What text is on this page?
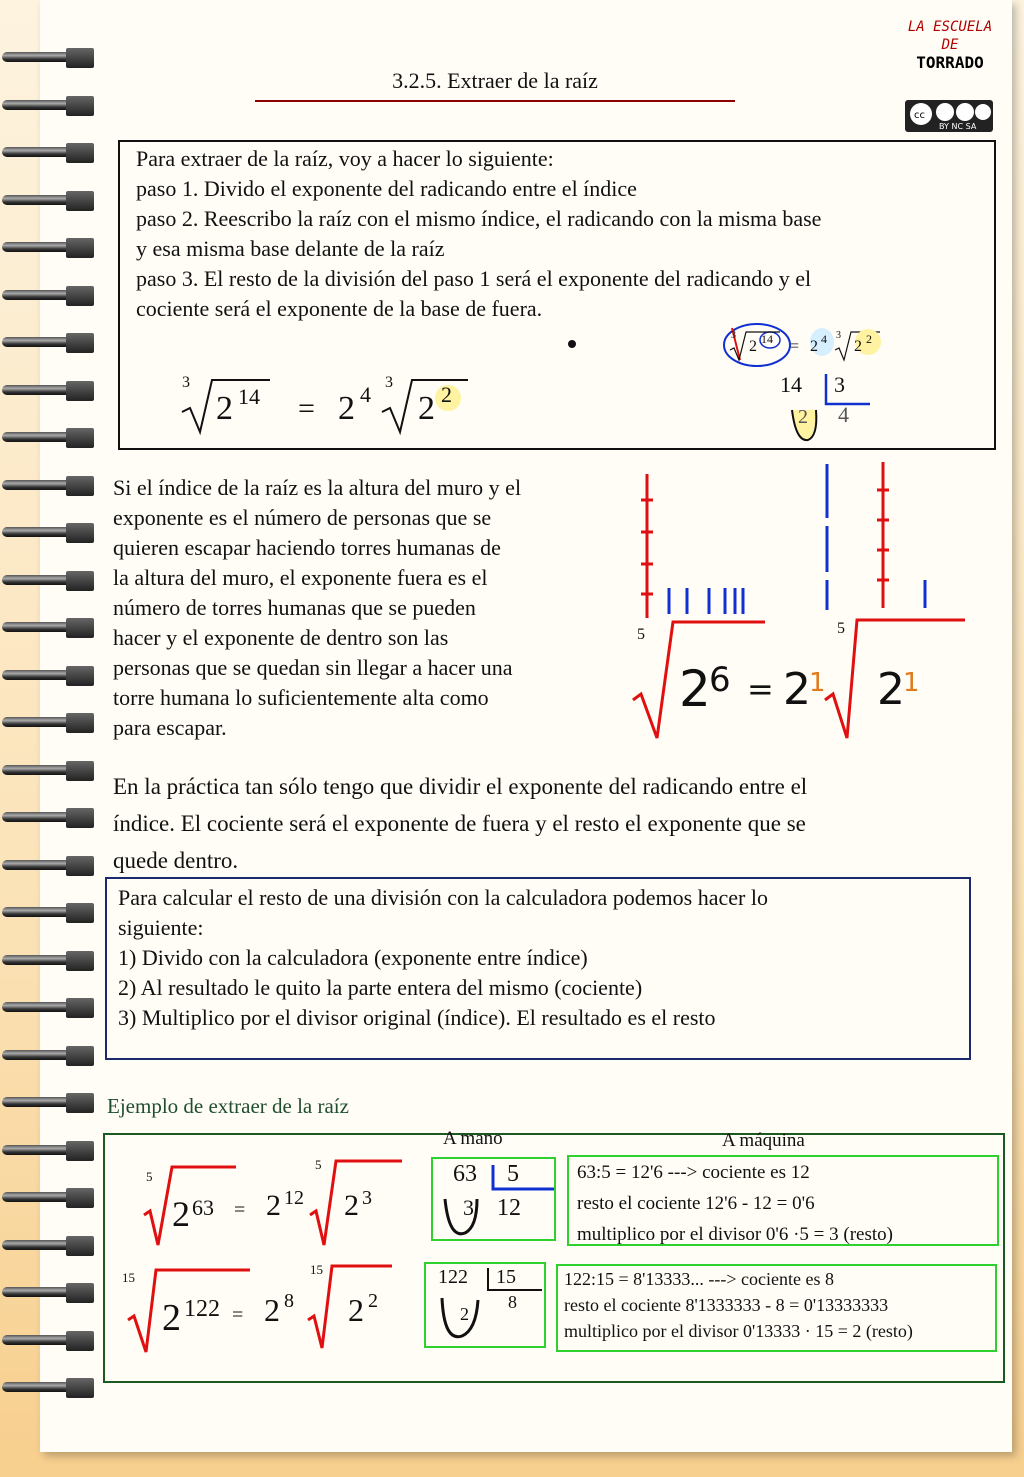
3.2.5. Extraer de la raíz
LA ESCUELA
DE
TORRADO
cc
BY NC SA
Para extraer de la raíz, voy a hacer lo siguiente:
paso 1. Divido el exponente del radicando entre el índice
paso 2. Reescribo la raíz con el mismo índice, el radicando con la misma base
y esa misma base delante de la raíz
paso 3. El resto de la división del paso 1 será el exponente del radicando y el
cociente será el exponente de la base de fuera.
3
2 14 = 2 4 3
2 2
3
2 14 = 2 4 3
2 2
14 3
4
2
Si el índice de la raíz es la altura del muro y el
exponente es el número de personas que se
quieren escapar haciendo torres humanas de
la altura del muro, el exponente fuera es el
número de torres humanas que se pueden
hacer y el exponente de dentro son las
personas que se quedan sin llegar a hacer una
torre humana lo suficientemente alta como
para escapar.
5
2
6 = 2
1
5
2
1
En la práctica tan sólo tengo que dividir el exponente del radicando entre el
índice. El cociente será el exponente de fuera y el resto el exponente que se
quede dentro.
Para calcular el resto de una división con la calculadora podemos hacer lo
siguiente:
1) Divido con la calculadora (exponente entre índice)
2) Al resultado le quito la parte entera del mismo (cociente)
3) Multiplico por el divisor original (índice). El resultado es el resto
Ejemplo de extraer de la raíz
A mano	A máquina
5
2 63 = 2 12
5
2 3
63 5
3 12
63:5 = 12'6 ---> cociente es 12
resto el cociente 12'6 - 12 = 0'6
multiplico por el divisor 0'6 ·5 = 3 (resto)
15
2 122 = 2 8
15
2 2
122 15
2
8
122:15 = 8'13333... ---> cociente es 8
resto el cociente 8'1333333 - 8 = 0'13333333
multiplico por el divisor 0'13333 · 15 = 2 (resto)
